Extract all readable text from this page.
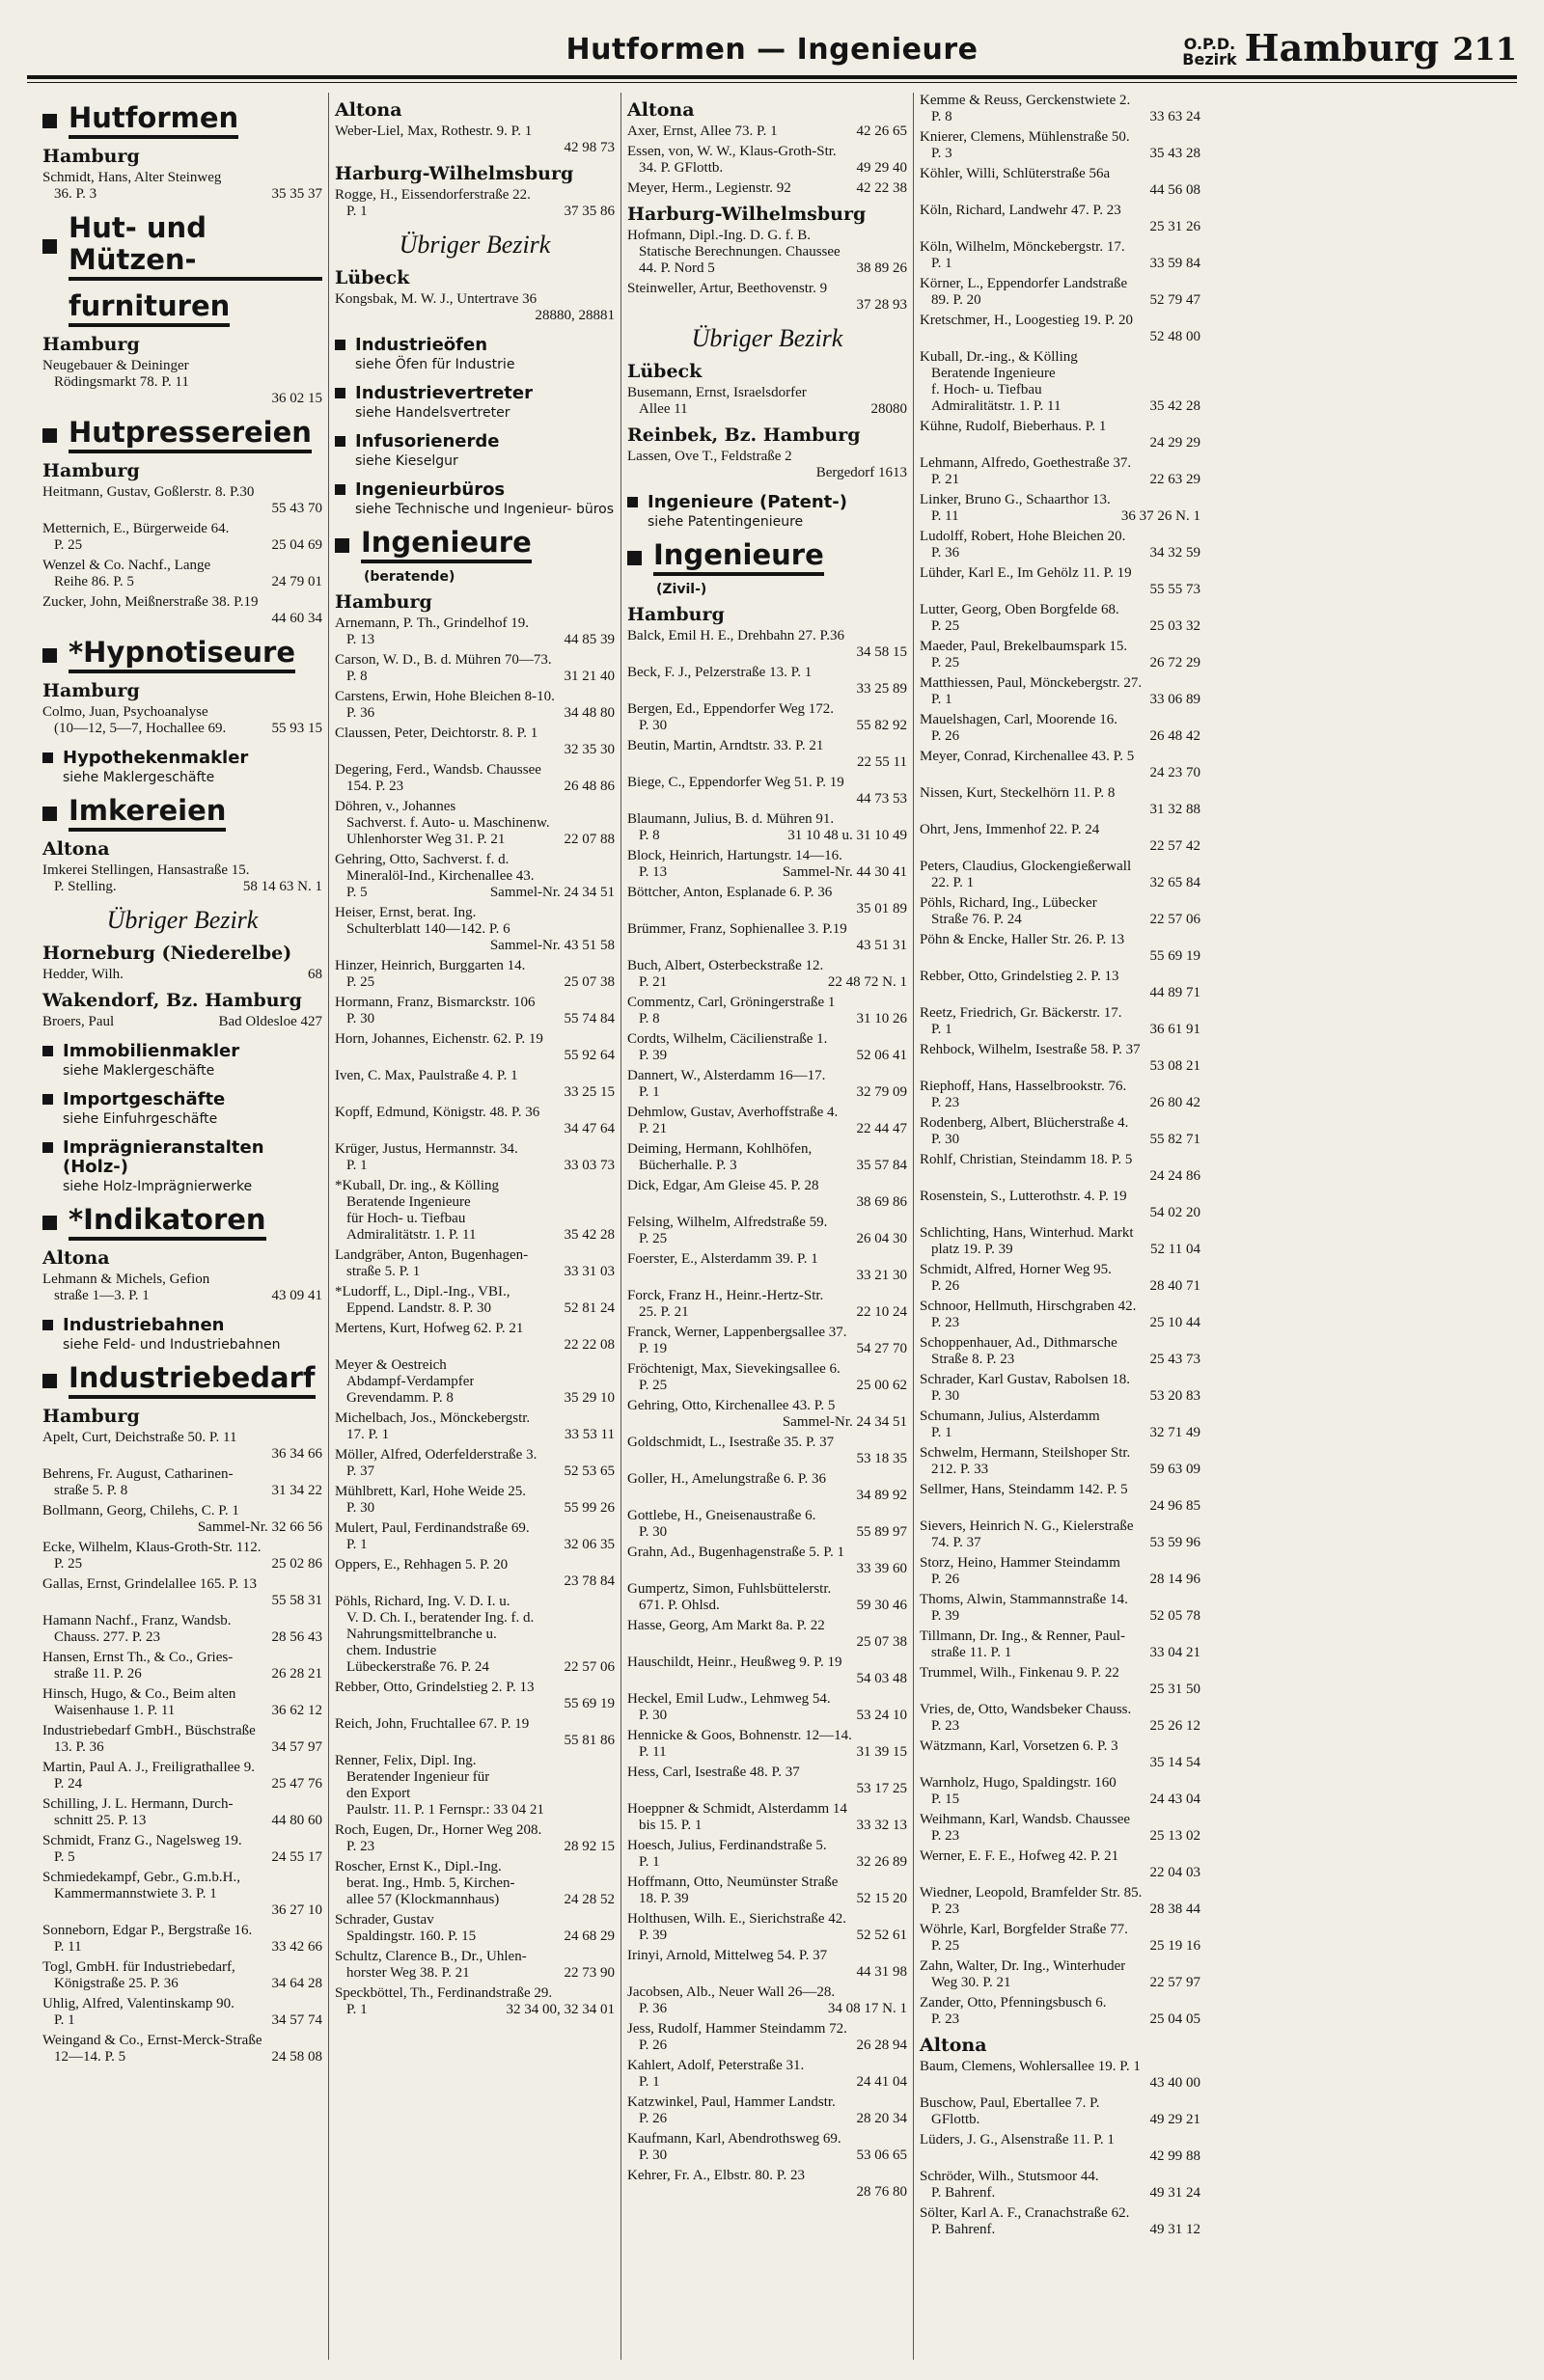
Hutformen — Ingenieure	O.P.D.
Bezirk Hamburg 211
Hutformen
Hamburg
Schmidt, Hans, Alter Steinweg
36. P. 3	35 35 37
Hut- und Mützen-
furnituren
Hamburg
Neugebauer & Deininger
Rödingsmarkt 78. P. 11
36 02 15
Hutpressereien
Hamburg
Heitmann, Gustav, Goßlerstr. 8. P.30
55 43 70
Metternich, E., Bürgerweide 64.
P. 25	25 04 69
Wenzel & Co. Nachf., Lange
Reihe 86. P. 5	24 79 01
Zucker, John, Meißnerstraße 38. P.19
44 60 34
*Hypnotiseure
Hamburg
Colmo, Juan, Psychoanalyse
(10—12, 5—7, Hochallee 69.	55 93 15
Hypothekenmakler
siehe Maklergeschäfte
Imkereien
Altona
Imkerei Stellingen, Hansastraße 15.
P. Stelling.	58 14 63 N. 1
Übriger Bezirk
Horneburg (Niederelbe)
Hedder, Wilh.	68
Wakendorf, Bz. Hamburg
Broers, Paul	Bad Oldesloe 427
Immobilienmakler
siehe Maklergeschäfte
Importgeschäfte
siehe Einfuhrgeschäfte
Imprägnieranstalten (Holz-)
siehe Holz-Imprägnierwerke
*Indikatoren
Altona
Lehmann & Michels, Gefion
straße 1—3. P. 1	43 09 41
Industriebahnen
siehe Feld- und Industriebahnen
Industriebedarf
Hamburg
Apelt, Curt, Deichstraße 50. P. 11
36 34 66
Behrens, Fr. August, Catharinen-
straße 5. P. 8	31 34 22
Bollmann, Georg, Chilehs, C. P. 1
Sammel-Nr. 32 66 56
Ecke, Wilhelm, Klaus-Groth-Str. 112.
P. 25	25 02 86
Gallas, Ernst, Grindelallee 165. P. 13
55 58 31
Hamann Nachf., Franz, Wandsb.
Chauss. 277. P. 23	28 56 43
Hansen, Ernst Th., & Co., Gries-
straße 11. P. 26	26 28 21
Hinsch, Hugo, & Co., Beim alten
Waisenhause 1. P. 11	36 62 12
Industriebedarf GmbH., Büschstraße
13. P. 36	34 57 97
Martin, Paul A. J., Freiligrathallee 9.
P. 24	25 47 76
Schilling, J. L. Hermann, Durch-
schnitt 25. P. 13	44 80 60
Schmidt, Franz G., Nagelsweg 19.
P. 5	24 55 17
Schmiedekampf, Gebr., G.m.b.H.,
Kammermannstwiete 3. P. 1
36 27 10
Sonneborn, Edgar P., Bergstraße 16.
P. 11	33 42 66
Togl, GmbH. für Industriebedarf,
Königstraße 25. P. 36	34 64 28
Uhlig, Alfred, Valentinskamp 90.
P. 1	34 57 74
Weingand & Co., Ernst-Merck-Straße
12—14. P. 5	24 58 08
Altona
Weber-Liel, Max, Rothestr. 9. P. 1
42 98 73
Harburg-Wilhelmsburg
Rogge, H., Eissendorferstraße 22.
P. 1	37 35 86
Übriger Bezirk
Lübeck
Kongsbak, M. W. J., Untertrave 36
28880, 28881
Industrieöfen
siehe Öfen für Industrie
Industrievertreter
siehe Handelsvertreter
Infusorienerde
siehe Kieselgur
Ingenieurbüros
siehe Technische und Ingenieur- büros
Ingenieure
(beratende)
Hamburg
Arnemann, P. Th., Grindelhof 19.
P. 13	44 85 39
Carson, W. D., B. d. Mühren 70—73.
P. 8	31 21 40
Carstens, Erwin, Hohe Bleichen 8-10.
P. 36	34 48 80
Claussen, Peter, Deichtorstr. 8. P. 1
32 35 30
Degering, Ferd., Wandsb. Chaussee
154. P. 23	26 48 86
Döhren, v., Johannes
Sachverst. f. Auto- u. Maschinenw.
Uhlenhorster Weg 31. P. 21	22 07 88
Gehring, Otto, Sachverst. f. d.
Mineralöl-Ind., Kirchenallee 43.
P. 5	Sammel-Nr. 24 34 51
Heiser, Ernst, berat. Ing.
Schulterblatt 140—142. P. 6
Sammel-Nr. 43 51 58
Hinzer, Heinrich, Burggarten 14.
P. 25	25 07 38
Hormann, Franz, Bismarckstr. 106
P. 30	55 74 84
Horn, Johannes, Eichenstr. 62. P. 19
55 92 64
Iven, C. Max, Paulstraße 4. P. 1
33 25 15
Kopff, Edmund, Königstr. 48. P. 36
34 47 64
Krüger, Justus, Hermannstr. 34.
P. 1	33 03 73
*Kuball, Dr. ing., & Kölling
Beratende Ingenieure
für Hoch- u. Tiefbau
Admiralitätstr. 1. P. 11	35 42 28
Landgräber, Anton, Bugenhagen-
straße 5. P. 1	33 31 03
*Ludorff, L., Dipl.-Ing., VBI.,
Eppend. Landstr. 8. P. 30	52 81 24
Mertens, Kurt, Hofweg 62. P. 21
22 22 08
Meyer & Oestreich
Abdampf-Verdampfer
Grevendamm. P. 8	35 29 10
Michelbach, Jos., Mönckebergstr.
17. P. 1	33 53 11
Möller, Alfred, Oderfelderstraße 3.
P. 37	52 53 65
Mühlbrett, Karl, Hohe Weide 25.
P. 30	55 99 26
Mulert, Paul, Ferdinandstraße 69.
P. 1	32 06 35
Oppers, E., Rehhagen 5. P. 20
23 78 84
Pöhls, Richard, Ing. V. D. I. u.
V. D. Ch. I., beratender Ing. f. d.
Nahrungsmittelbranche u.
chem. Industrie
Lübeckerstraße 76. P. 24	22 57 06
Rebber, Otto, Grindelstieg 2. P. 13
55 69 19
Reich, John, Fruchtallee 67. P. 19
55 81 86
Renner, Felix, Dipl. Ing.
Beratender Ingenieur für
den Export
Paulstr. 11. P. 1 Fernspr.: 33 04 21
Roch, Eugen, Dr., Horner Weg 208.
P. 23	28 92 15
Roscher, Ernst K., Dipl.-Ing.
berat. Ing., Hmb. 5, Kirchen-
allee 57 (Klockmannhaus)	24 28 52
Schrader, Gustav
Spaldingstr. 160. P. 15	24 68 29
Schultz, Clarence B., Dr., Uhlen-
horster Weg 38. P. 21	22 73 90
Speckböttel, Th., Ferdinandstraße 29.
P. 1	32 34 00, 32 34 01
Altona
Axer, Ernst, Allee 73. P. 1	42 26 65
Essen, von, W. W., Klaus-Groth-Str.
34. P. GFlottb.	49 29 40
Meyer, Herm., Legienstr. 92	42 22 38
Harburg-Wilhelmsburg
Hofmann, Dipl.-Ing. D. G. f. B.
Statische Berechnungen. Chaussee
44. P. Nord 5	38 89 26
Steinweller, Artur, Beethovenstr. 9
37 28 93
Übriger Bezirk
Lübeck
Busemann, Ernst, Israelsdorfer
Allee 11	28080
Reinbek, Bz. Hamburg
Lassen, Ove T., Feldstraße 2
Bergedorf 1613
Ingenieure (Patent-)
siehe Patentingenieure
Ingenieure
(Zivil-)
Hamburg
Balck, Emil H. E., Drehbahn 27. P.36
34 58 15
Beck, F. J., Pelzerstraße 13. P. 1
33 25 89
Bergen, Ed., Eppendorfer Weg 172.
P. 30	55 82 92
Beutin, Martin, Arndtstr. 33. P. 21
22 55 11
Biege, C., Eppendorfer Weg 51. P. 19
44 73 53
Blaumann, Julius, B. d. Mühren 91.
P. 8	31 10 48 u. 31 10 49
Block, Heinrich, Hartungstr. 14—16.
P. 13	Sammel-Nr. 44 30 41
Böttcher, Anton, Esplanade 6. P. 36
35 01 89
Brümmer, Franz, Sophienallee 3. P.19
43 51 31
Buch, Albert, Osterbeckstraße 12.
P. 21	22 48 72 N. 1
Commentz, Carl, Gröningerstraße 1
P. 8	31 10 26
Cordts, Wilhelm, Cäcilienstraße 1.
P. 39	52 06 41
Dannert, W., Alsterdamm 16—17.
P. 1	32 79 09
Dehmlow, Gustav, Averhoffstraße 4.
P. 21	22 44 47
Deiming, Hermann, Kohlhöfen,
Bücherhalle. P. 3	35 57 84
Dick, Edgar, Am Gleise 45. P. 28
38 69 86
Felsing, Wilhelm, Alfredstraße 59.
P. 25	26 04 30
Foerster, E., Alsterdamm 39. P. 1
33 21 30
Forck, Franz H., Heinr.-Hertz-Str.
25. P. 21	22 10 24
Franck, Werner, Lappenbergsallee 37.
P. 19	54 27 70
Fröchtenigt, Max, Sievekingsallee 6.
P. 25	25 00 62
Gehring, Otto, Kirchenallee 43. P. 5
Sammel-Nr. 24 34 51
Goldschmidt, L., Isestraße 35. P. 37
53 18 35
Goller, H., Amelungstraße 6. P. 36
34 89 92
Gottlebe, H., Gneisenaustraße 6.
P. 30	55 89 97
Grahn, Ad., Bugenhagenstraße 5. P. 1
33 39 60
Gumpertz, Simon, Fuhlsbüttelerstr.
671. P. Ohlsd.	59 30 46
Hasse, Georg, Am Markt 8a. P. 22
25 07 38
Hauschildt, Heinr., Heußweg 9. P. 19
54 03 48
Heckel, Emil Ludw., Lehmweg 54.
P. 30	53 24 10
Hennicke & Goos, Bohnenstr. 12—14.
P. 11	31 39 15
Hess, Carl, Isestraße 48. P. 37
53 17 25
Hoeppner & Schmidt, Alsterdamm 14
bis 15. P. 1	33 32 13
Hoesch, Julius, Ferdinandstraße 5.
P. 1	32 26 89
Hoffmann, Otto, Neumünster Straße
18. P. 39	52 15 20
Holthusen, Wilh. E., Sierichstraße 42.
P. 39	52 52 61
Irinyi, Arnold, Mittelweg 54. P. 37
44 31 98
Jacobsen, Alb., Neuer Wall 26—28.
P. 36	34 08 17 N. 1
Jess, Rudolf, Hammer Steindamm 72.
P. 26	26 28 94
Kahlert, Adolf, Peterstraße 31.
P. 1	24 41 04
Katzwinkel, Paul, Hammer Landstr.
P. 26	28 20 34
Kaufmann, Karl, Abendrothsweg 69.
P. 30	53 06 65
Kehrer, Fr. A., Elbstr. 80. P. 23
28 76 80
Kemme & Reuss, Gerckenstwiete 2.
P. 8	33 63 24
Knierer, Clemens, Mühlenstraße 50.
P. 3	35 43 28
Köhler, Willi, Schlüterstraße 56a
44 56 08
Köln, Richard, Landwehr 47. P. 23
25 31 26
Köln, Wilhelm, Mönckebergstr. 17.
P. 1	33 59 84
Körner, L., Eppendorfer Landstraße
89. P. 20	52 79 47
Kretschmer, H., Loogestieg 19. P. 20
52 48 00
Kuball, Dr.-ing., & Kölling
Beratende Ingenieure
f. Hoch- u. Tiefbau
Admiralitätstr. 1. P. 11	35 42 28
Kühne, Rudolf, Bieberhaus. P. 1
24 29 29
Lehmann, Alfredo, Goethestraße 37.
P. 21	22 63 29
Linker, Bruno G., Schaarthor 13.
P. 11	36 37 26 N. 1
Ludolff, Robert, Hohe Bleichen 20.
P. 36	34 32 59
Lühder, Karl E., Im Gehölz 11. P. 19
55 55 73
Lutter, Georg, Oben Borgfelde 68.
P. 25	25 03 32
Maeder, Paul, Brekelbaumspark 15.
P. 25	26 72 29
Matthiessen, Paul, Mönckebergstr. 27.
P. 1	33 06 89
Mauelshagen, Carl, Moorende 16.
P. 26	26 48 42
Meyer, Conrad, Kirchenallee 43. P. 5
24 23 70
Nissen, Kurt, Steckelhörn 11. P. 8
31 32 88
Ohrt, Jens, Immenhof 22. P. 24
22 57 42
Peters, Claudius, Glockengießerwall
22. P. 1	32 65 84
Pöhls, Richard, Ing., Lübecker
Straße 76. P. 24	22 57 06
Pöhn & Encke, Haller Str. 26. P. 13
55 69 19
Rebber, Otto, Grindelstieg 2. P. 13
44 89 71
Reetz, Friedrich, Gr. Bäckerstr. 17.
P. 1	36 61 91
Rehbock, Wilhelm, Isestraße 58. P. 37
53 08 21
Riephoff, Hans, Hasselbrookstr. 76.
P. 23	26 80 42
Rodenberg, Albert, Blücherstraße 4.
P. 30	55 82 71
Rohlf, Christian, Steindamm 18. P. 5
24 24 86
Rosenstein, S., Lutterothstr. 4. P. 19
54 02 20
Schlichting, Hans, Winterhud. Markt
platz 19. P. 39	52 11 04
Schmidt, Alfred, Horner Weg 95.
P. 26	28 40 71
Schnoor, Hellmuth, Hirschgraben 42.
P. 23	25 10 44
Schoppenhauer, Ad., Dithmarsche
Straße 8. P. 23	25 43 73
Schrader, Karl Gustav, Rabolsen 18.
P. 30	53 20 83
Schumann, Julius, Alsterdamm
P. 1	32 71 49
Schwelm, Hermann, Steilshoper Str.
212. P. 33	59 63 09
Sellmer, Hans, Steindamm 142. P. 5
24 96 85
Sievers, Heinrich N. G., Kielerstraße
74. P. 37	53 59 96
Storz, Heino, Hammer Steindamm
P. 26	28 14 96
Thoms, Alwin, Stammannstraße 14.
P. 39	52 05 78
Tillmann, Dr. Ing., & Renner, Paul-
straße 11. P. 1	33 04 21
Trummel, Wilh., Finkenau 9. P. 22
25 31 50
Vries, de, Otto, Wandsbeker Chauss.
P. 23	25 26 12
Wätzmann, Karl, Vorsetzen 6. P. 3
35 14 54
Warnholz, Hugo, Spaldingstr. 160
P. 15	24 43 04
Weihmann, Karl, Wandsb. Chaussee
P. 23	25 13 02
Werner, E. F. E., Hofweg 42. P. 21
22 04 03
Wiedner, Leopold, Bramfelder Str. 85.
P. 23	28 38 44
Wöhrle, Karl, Borgfelder Straße 77.
P. 25	25 19 16
Zahn, Walter, Dr. Ing., Winterhuder
Weg 30. P. 21	22 57 97
Zander, Otto, Pfenningsbusch 6.
P. 23	25 04 05
Altona
Baum, Clemens, Wohlersallee 19. P. 1
43 40 00
Buschow, Paul, Ebertallee 7. P.
GFlottb.	49 29 21
Lüders, J. G., Alsenstraße 11. P. 1
42 99 88
Schröder, Wilh., Stutsmoor 44.
P. Bahrenf.	49 31 24
Sölter, Karl A. F., Cranachstraße 62.
P. Bahrenf.	49 31 12
